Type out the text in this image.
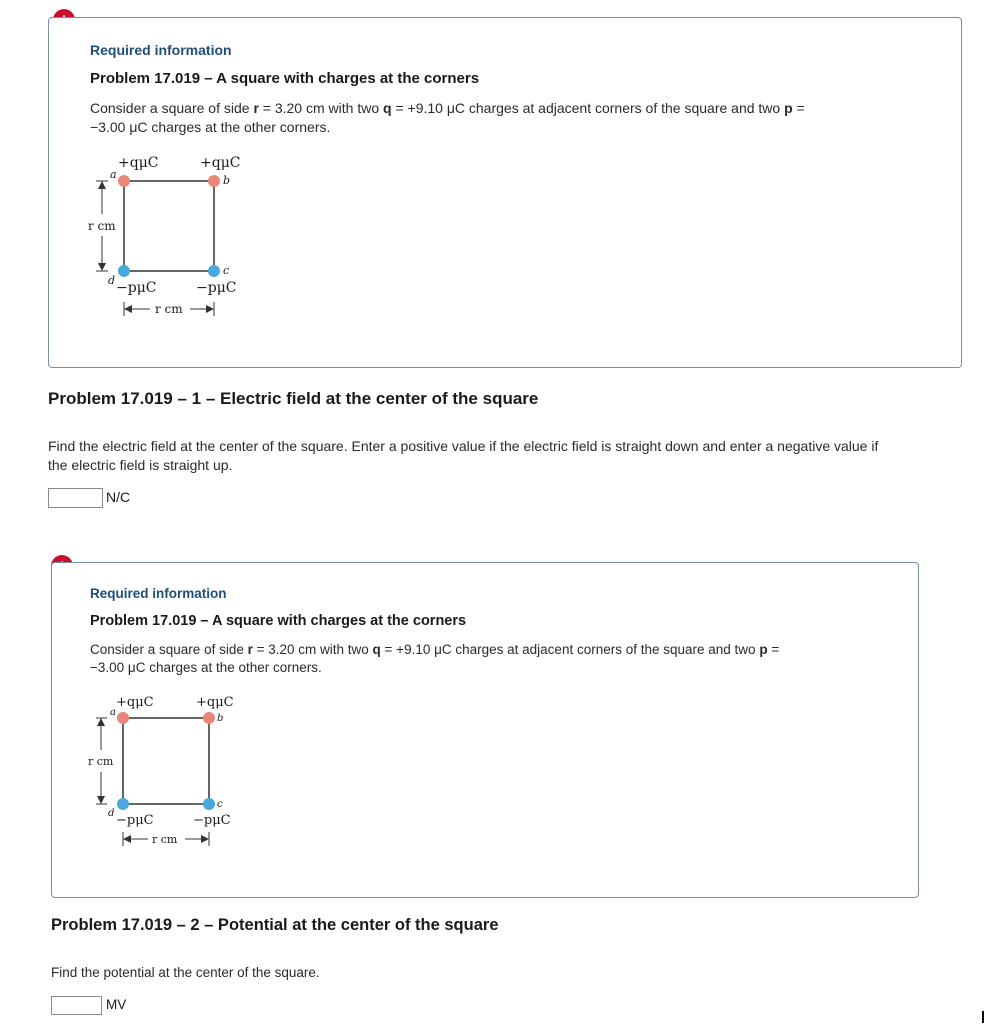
Required information
Problem 17.019 – A square with charges at the corners
Consider a square of side r = 3.20 cm with two q = +9.10 μC charges at adjacent corners of the square and two p =
−3.00 μC charges at the other corners.
+qμC	+qμC
a	b
c
d −pμC	−pμC
r cm
r cm
Problem 17.019 – 1 – Electric field at the center of the square
Find the electric field at the center of the square. Enter a positive value if the electric field is straight down and enter a negative value if
the electric field is straight up.
N/C
Required information
Problem 17.019 – A square with charges at the corners
Consider a square of side r = 3.20 cm with two q = +9.10 μC charges at adjacent corners of the square and two p =
−3.00 μC charges at the other corners.
+qμC	+qμC
a
b
c
d −pμC	−pμC
r cm
r cm
Problem 17.019 – 2 – Potential at the center of the square
Find the potential at the center of the square.
MV
